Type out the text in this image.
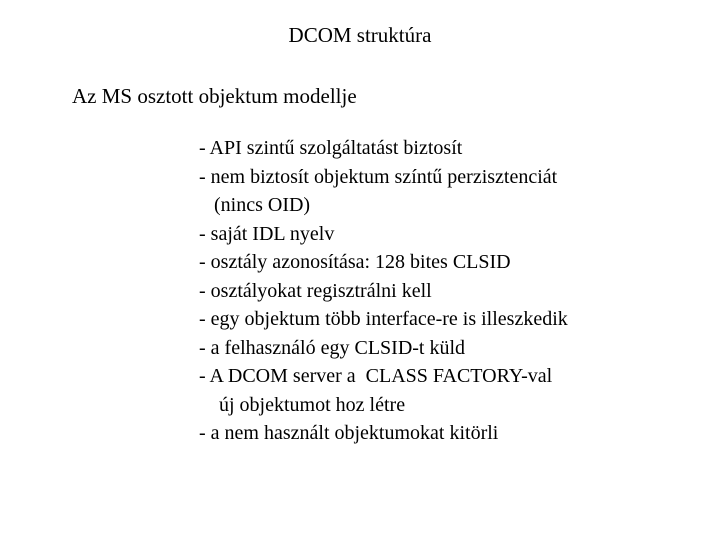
DCOM struktúra
Az MS osztott objektum modellje
- API szintű szolgáltatást biztosít
- nem biztosít objektum színtű perzisztenciát
(nincs OID)
- saját IDL nyelv
- osztály azonosítása: 128 bites CLSID
- osztályokat regisztrálni kell
- egy objektum több interface-re is illeszkedik
- a felhasználó egy CLSID-t küld
- A DCOM server a  CLASS FACTORY-val
új objektumot hoz létre
- a nem használt objektumokat kitörli
